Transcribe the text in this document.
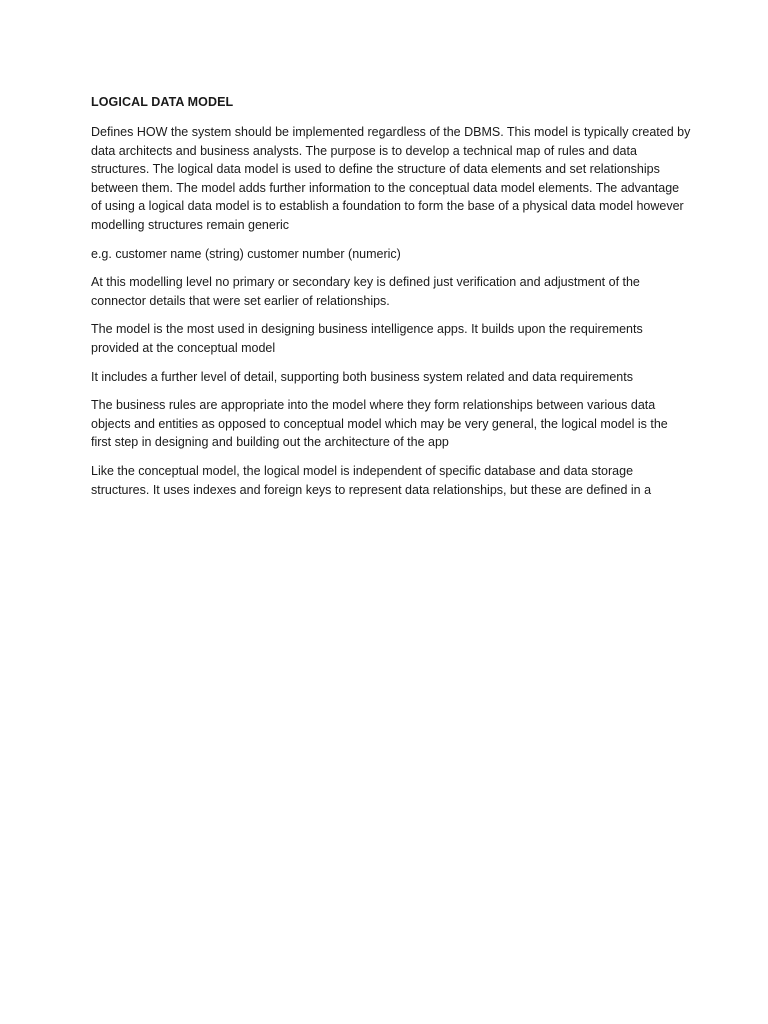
LOGICAL DATA MODEL

Defines HOW the system should be implemented regardless of the DBMS. This model is typically created by data architects and business analysts. The purpose is to develop a technical map of rules and data structures. The logical data model is used to define the structure of data elements and set relationships between them. The model adds further information to the conceptual data model elements. The advantage of using a logical data model is to establish a foundation to form the base of a physical data model however modelling structures remain generic

e.g. customer name (string) customer number (numeric)

At this modelling level no primary or secondary key is defined just verification and adjustment of the connector details that were set earlier of relationships.

The model is the most used in designing business intelligence apps. It builds upon the requirements provided at the conceptual model

It includes a further level of detail, supporting both business system related and data requirements

The business rules are appropriate into the model where they form relationships between various data objects and entities as opposed to conceptual model which may be very general, the logical model is the first step in designing and building out the architecture of the app

Like the conceptual model, the logical model is independent of specific database and data storage structures. It uses indexes and foreign keys to represent data relationships, but these are defined in a
